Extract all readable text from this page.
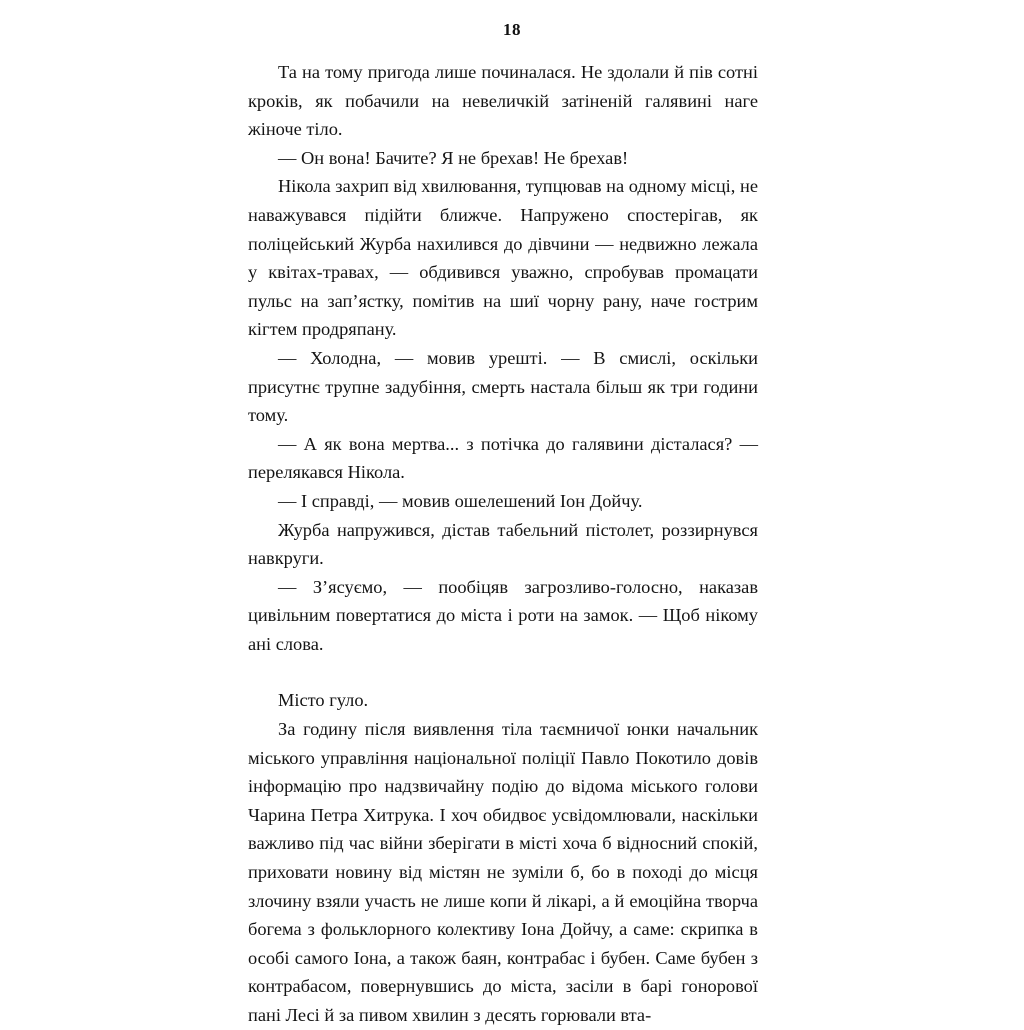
18

Та на тому пригода лише починалася. Не здолали й пів сотні кроків, як побачили на невеличкій затіненій галявині наге жіноче тіло.

— Он вона! Бачите? Я не брехав! Не брехав!

Нікола захрип від хвилювання, тупцював на одному місці, не наважувався підійти ближче. Напружено спостерігав, як поліцейський Журба нахилився до дівчини — недвижно лежала у квітах-травах, — обдивився уважно, спробував промацати пульс на зап’ястку, помітив на шиї чорну рану, наче гострим кігтем продряпану.

— Холодна, — мовив урешті. — В смислі, оскільки присутнє трупне задубіння, смерть настала більш як три години тому.

— А як вона мертва... з потічка до галявини дісталася? — перелякався Нікола.

— І справді, — мовив ошелешений Іон Дойчу.

Журба напружився, дістав табельний пістолет, роззирнувся навкруги.

— З’ясуємо, — пообіцяв загрозливо-голосно, наказав цивільним повертатися до міста і роти на замок. — Щоб нікому ані слова.

Місто гуло.

За годину після виявлення тіла таємничої юнки начальник міського управління національної поліції Павло Покотило довів інформацію про надзвичайну подію до відома міського голови Чарина Петра Хитрука. І хоч обидвоє усвідомлювали, наскільки важливо під час війни зберігати в місті хоча б відносний спокій, приховати новину від містян не зуміли б, бо в поході до місця злочину взяли участь не лише копи й лікарі, а й емоційна творча богема з фольклорного колективу Іона Дойчу, а саме: скрипка в особі самого Іона, а також баян, контрабас і бубен. Саме бубен з контрабасом, повернувшись до міста, засіли в барі гонорової пані Лесі й за пивом хвилин з десять горювали вта-
